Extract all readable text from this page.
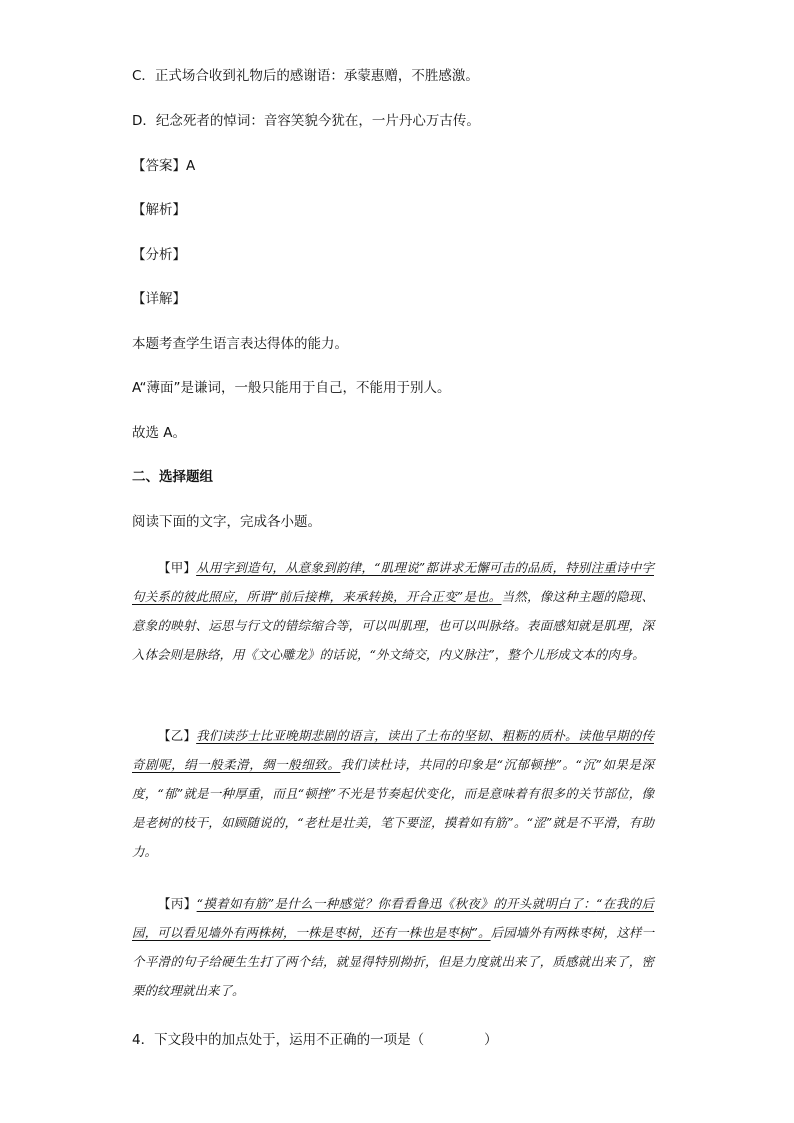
C．正式场合收到礼物后的感谢语：承蒙惠赠，不胜感激。

D．纪念死者的悼词：音容笑貌今犹在，一片丹心万古传。

【答案】A

【解析】

【分析】

【详解】

本题考查学生语言表达得体的能力。

A“薄面”是谦词，一般只能用于自己，不能用于别人。

故选 A。

二、选择题组

阅读下面的文字，完成各小题。

【甲】从用字到造句，从意象到韵律，“肌理说”都讲求无懈可击的品质，特别注重诗中字句关系的彼此照应，所谓“前后接榫，来承转换，开合正变”是也。当然，像这种主题的隐现、意象的映射、运思与行文的错综缩合等，可以叫肌理，也可以叫脉络。表面感知就是肌理，深入体会则是脉络，用《文心雕龙》的话说，“外文绮交，内义脉注”，整个儿形成文本的肉身。

【乙】我们读莎士比亚晚期悲剧的语言，读出了土布的坚韧、粗粝的质朴。读他早期的传奇剧呢，绢一般柔滑，绸一般细致。我们读杜诗，共同的印象是“沉郁顿挫”。“沉”如果是深度，“郁”就是一种厚重，而且“顿挫”不光是节奏起伏变化，而是意味着有很多的关节部位，像是老树的枝干，如顾随说的，“老杜是壮美，笔下要涩，摸着如有筋”。“涩”就是不平滑，有助力。

【丙】“摸着如有筋”是什么一种感觉？你看看鲁迅《秋夜》的开头就明白了：“在我的后园，可以看见墙外有两株树，一株是枣树，还有一株也是枣树”。后园墙外有两株枣树，这样一个平滑的句子给硬生生打了两个结，就显得特别拗折，但是力度就出来了，质感就出来了，密栗的纹理就出来了。

4．下文段中的加点处于，运用不正确的一项是（	）
